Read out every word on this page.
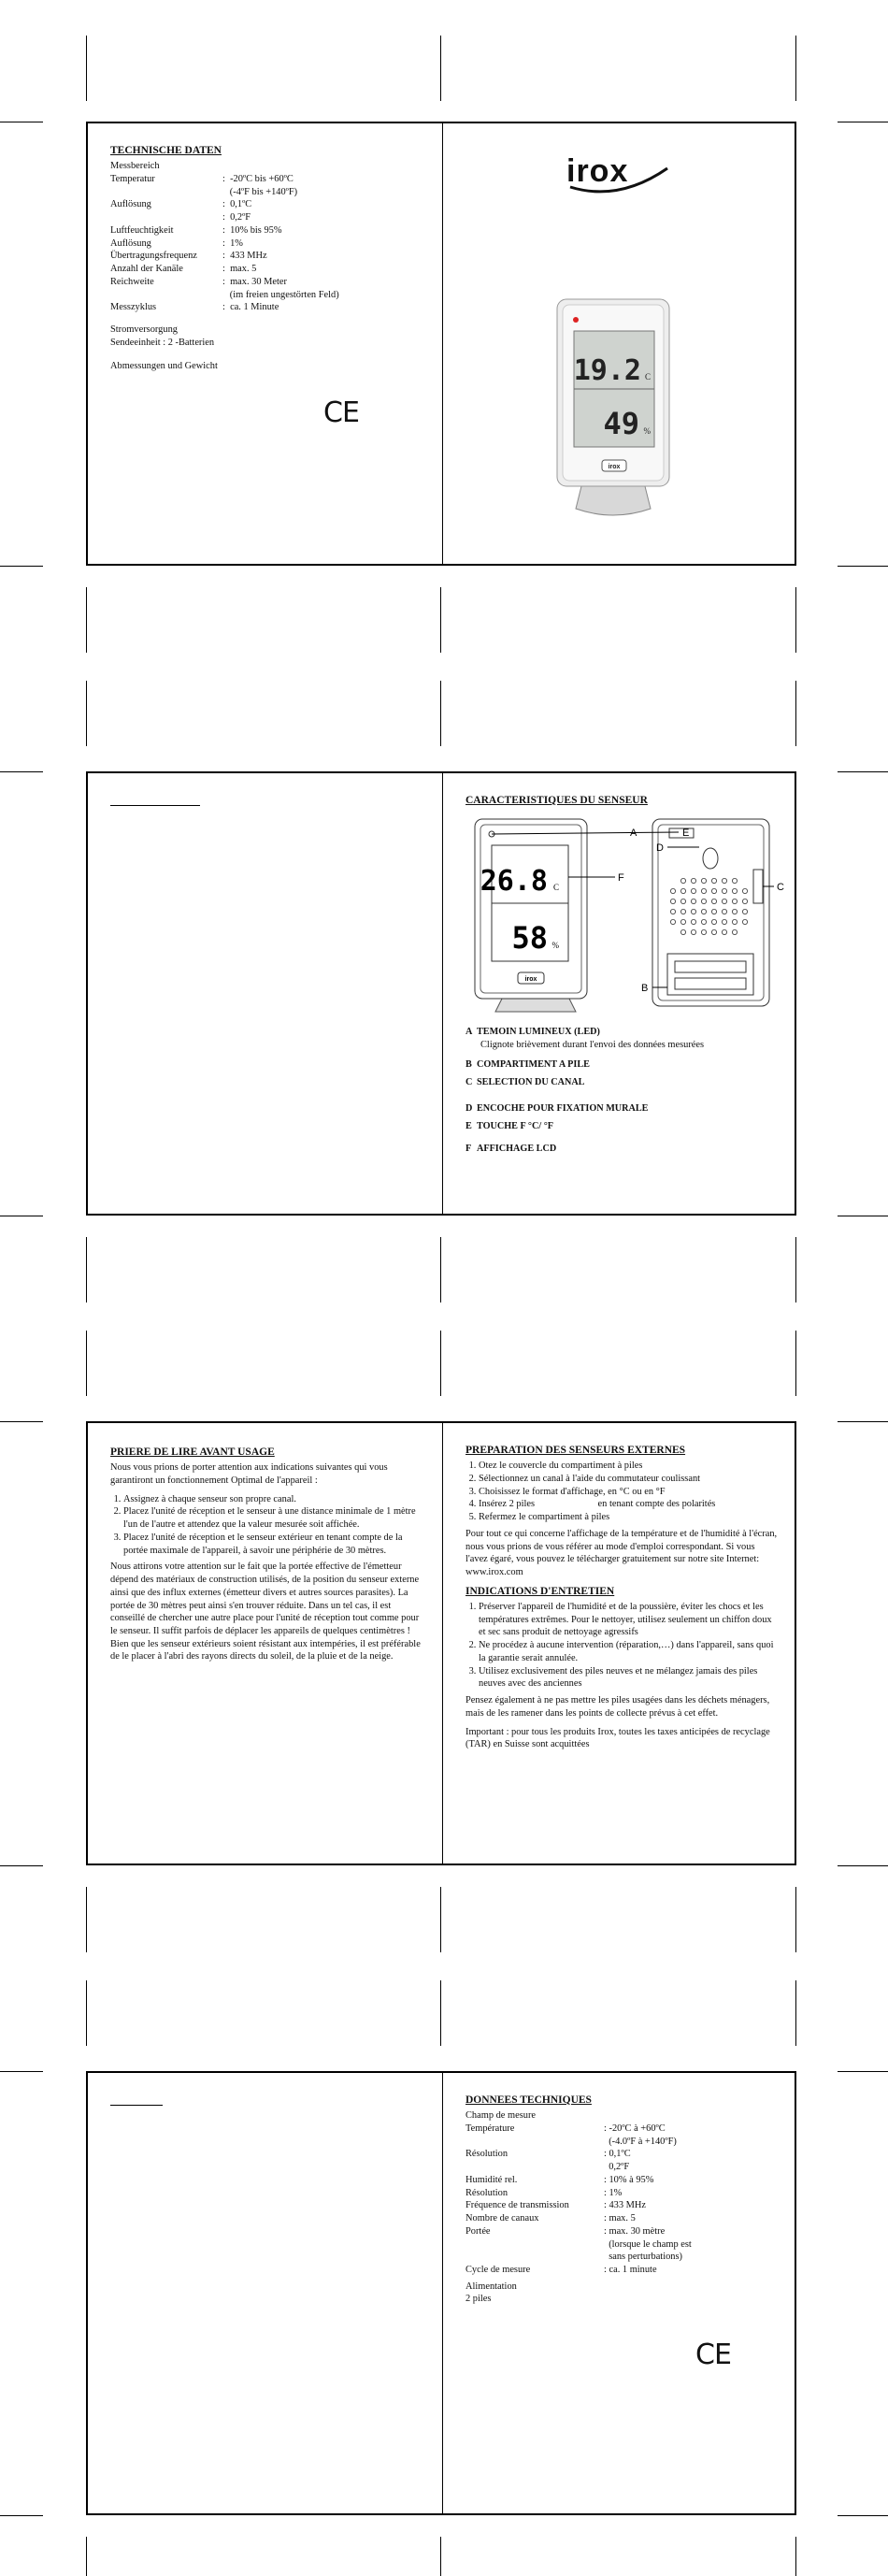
TECHNISCHE DATEN
Messbereich
Temperatur	:  -20ºC bis +60ºC
(-4ºF bis +140ºF)
Auflösung	:  0,1ºC
:  0,2ºF
Luftfeuchtigkeit	:  10% bis 95%
Auflösung	:  1%
Übertragungsfrequenz	:  433 MHz
Anzahl der Kanäle	:  max. 5
Reichweite	:  max. 30 Meter
(im freien ungestörten Feld)
Messzyklus	:  ca. 1 Minute
Stromversorgung
Sendeeinheit : 2 -Batterien
Abmessungen und Gewicht
CE
irox
19.2 C
49 %
irox
CARACTERISTIQUES DU SENSEUR
26.8 C
58 %
irox
A	E
D
C
F
B
A TEMOIN LUMINEUX (LED)
Clignote brièvement durant l'envoi des données mesurées
B COMPARTIMENT A PILE
C SELECTION DU CANAL
D ENCOCHE POUR FIXATION MURALE
E TOUCHE F °C/ °F
F AFFICHAGE LCD
PRIERE DE LIRE AVANT USAGE

Nous vous prions de porter attention aux indications suivantes qui vous garantiront un fonctionnement Optimal de l'appareil :

1. Assignez à chaque senseur son propre canal.
2. Placez l'unité de réception et le senseur à une distance minimale de 1 mètre l'un de l'autre et attendez que la valeur mesurée soit affichée.
3. Placez l'unité de réception et le senseur extérieur en tenant compte de la portée maximale de l'appareil, à savoir une périphérie de 30 mètres.
Nous attirons votre attention sur le fait que la portée effective de l'émetteur dépend des matériaux de construction utilisés, de la position du senseur externe ainsi que des influx externes (émetteur divers et autres sources parasites). La portée de 30 mètres peut ainsi s'en trouver réduite. Dans un tel cas, il est conseillé de chercher une autre place pour l'unité de réception tout comme pour le senseur. Il suffit parfois de déplacer les appareils de quelques centimètres !
Bien que les senseur extérieurs soient résistant aux intempéries, il est préférable de le placer à l'abri des rayons directs du soleil, de la pluie et de la neige.
PREPARATION DES SENSEURS EXTERNES
1. Otez le couvercle du compartiment à piles
2. Sélectionnez un canal à l'aide du commutateur coulissant
3. Choisissez le format d'affichage, en °C ou en °F
4. Insérez 2 piles                          en tenant compte des polarités
5. Refermez le compartiment à piles

Pour tout ce qui concerne l'affichage de la température et de l'humidité à l'écran, nous vous prions de vous référer au mode d'emploi correspondant. Si vous l'avez égaré, vous pouvez le télécharger gratuitement sur notre site Internet: www.irox.com

INDICATIONS D'ENTRETIEN
1. Préserver l'appareil de l'humidité et de la poussière, éviter les chocs et les températures extrêmes. Pour le nettoyer, utilisez seulement un chiffon doux et sec sans produit de nettoyage agressifs
2. Ne procédez à aucune intervention (réparation,…) dans l'appareil, sans quoi la garantie serait annulée.
3. Utilisez exclusivement des piles neuves et ne mélangez jamais des piles neuves avec des anciennes

Pensez également à ne pas mettre les piles usagées dans les déchets ménagers, mais de les ramener dans les points de collecte prévus à cet effet.

Important : pour tous les produits Irox, toutes les taxes anticipées de recyclage (TAR) en Suisse sont acquittées

DONNEES TECHNIQUES
Champ de mesure
Température	: -20ºC à +60ºC
(-4.0ºF à +140ºF)
Résolution	: 0,1ºC
0,2ºF
Humidité rel.	: 10% à 95%
Résolution	: 1%
Fréquence de transmission	: 433 MHz
Nombre de canaux	: max. 5
Portée	: max. 30 mètre
(lorsque le champ est
sans perturbations)
Cycle de mesure	: ca. 1 minute
Alimentation
2 piles
CE
